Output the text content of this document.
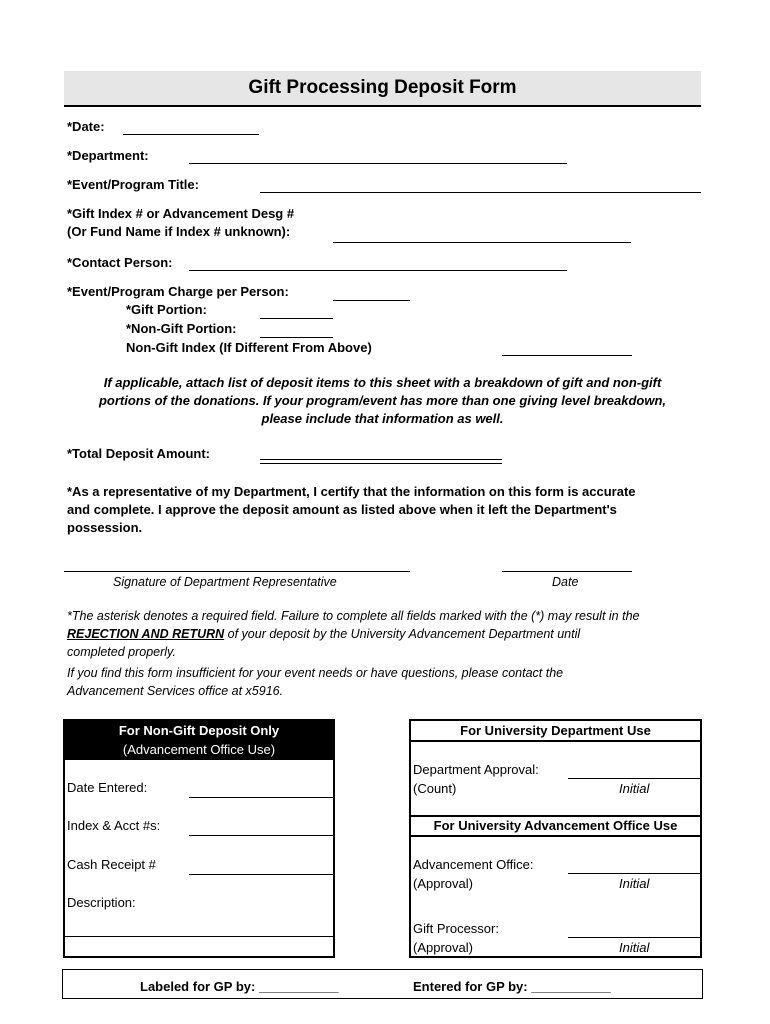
Gift Processing Deposit Form
*Date:
*Department:
*Event/Program Title:
*Gift Index # or Advancement Desg #
(Or Fund Name if Index # unknown):
*Contact Person:
*Event/Program Charge per Person:
*Gift Portion:
*Non-Gift Portion:
Non-Gift Index (If Different From Above)
If applicable, attach list of deposit items to this sheet with a breakdown of gift and non-gift
portions of the donations. If your program/event has more than one giving level breakdown,
please include that information as well.
*Total Deposit Amount:
*As a representative of my Department, I certify that the information on this form is accurate
and complete. I approve the deposit amount as listed above when it left the Department's
possession.
Signature of Department Representative	Date
*The asterisk denotes a required field. Failure to complete all fields marked with the (*) may result in the
REJECTION AND RETURN of your deposit by the University Advancement Department until
completed properly.
If you find this form insufficient for your event needs or have questions, please contact the
Advancement Services office at x5916.
For Non-Gift Deposit Only
(Advancement Office Use)
Date Entered:
Index & Acct #s:
Cash Receipt #
Description:
For University Department Use
Department Approval:
(Count)	Initial
For University Advancement Office Use
Advancement Office:
(Approval)	Initial
Gift Processor:
(Approval)	Initial
Labeled for GP by: ___________	Entered for GP by: ___________
